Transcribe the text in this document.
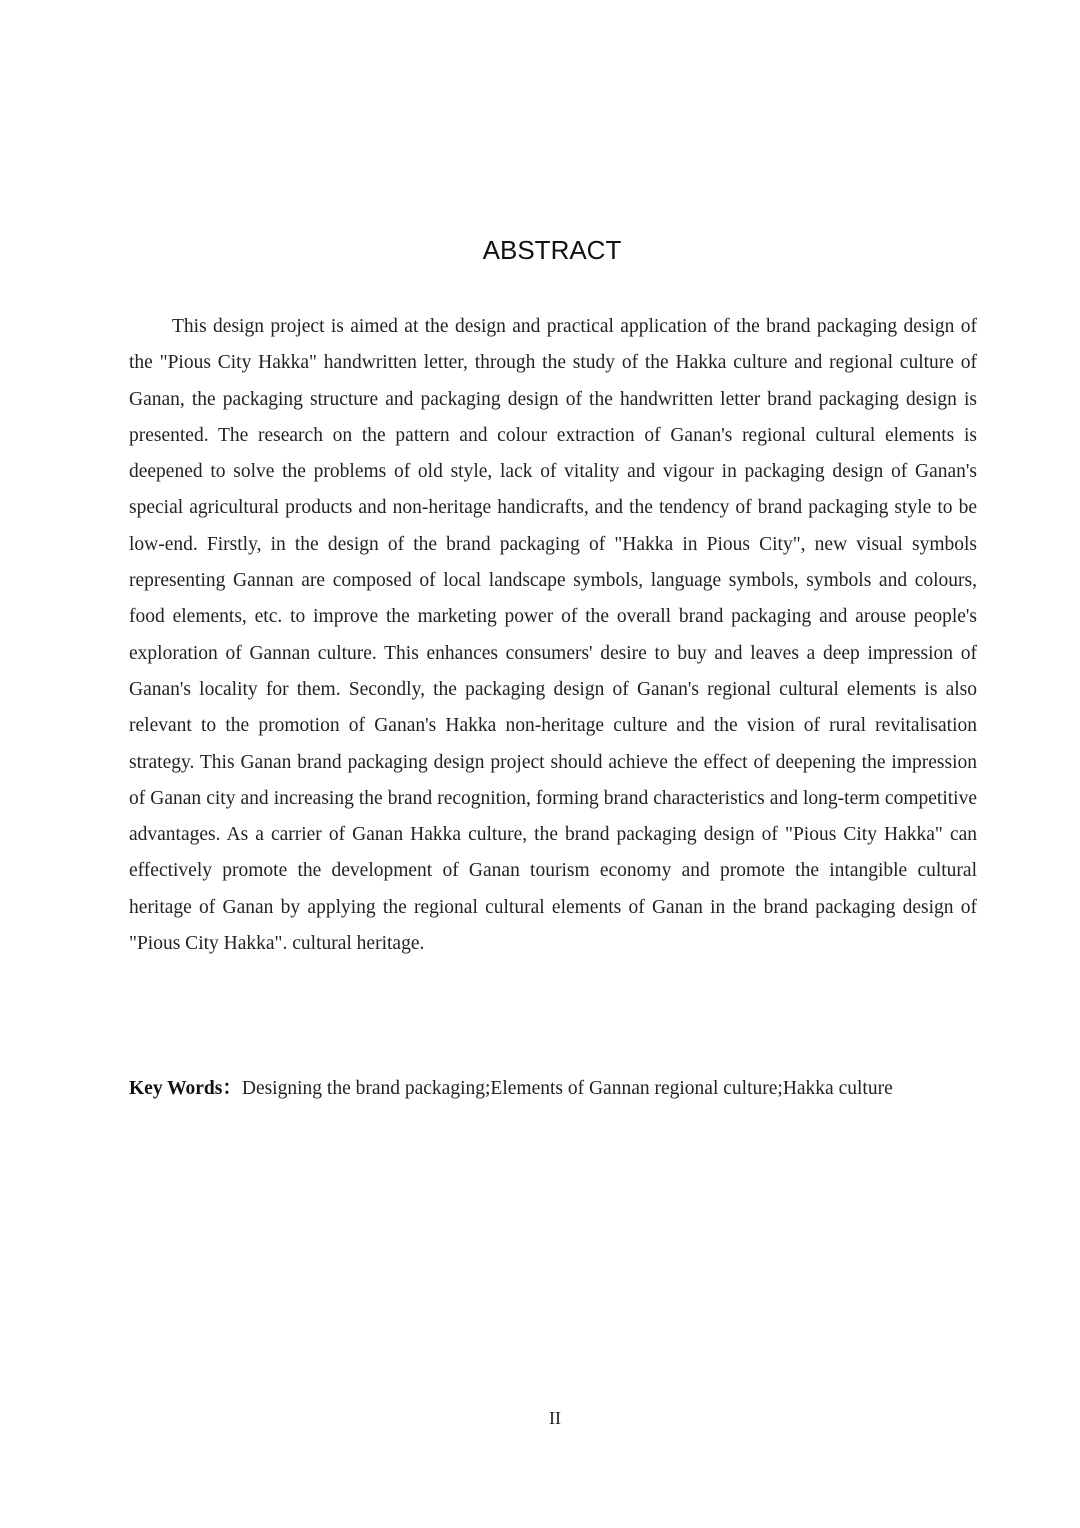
ABSTRACT

This design project is aimed at the design and practical application of the brand packaging design of the "Pious City Hakka" handwritten letter, through the study of the Hakka culture and regional culture of Ganan, the packaging structure and packaging design of the handwritten letter brand packaging design is presented. The research on the pattern and colour extraction of Ganan's regional cultural elements is deepened to solve the problems of old style, lack of vitality and vigour in packaging design of Ganan's special agricultural products and non-heritage handicrafts, and the tendency of brand packaging style to be low-end. Firstly, in the design of the brand packaging of "Hakka in Pious City", new visual symbols representing Gannan are composed of local landscape symbols, language symbols, symbols and colours, food elements, etc. to improve the marketing power of the overall brand packaging and arouse people's exploration of Gannan culture. This enhances consumers' desire to buy and leaves a deep impression of Ganan's locality for them. Secondly, the packaging design of Ganan's regional cultural elements is also relevant to the promotion of Ganan's Hakka non-heritage culture and the vision of rural revitalisation strategy. This Ganan brand packaging design project should achieve the effect of deepening the impression of Ganan city and increasing the brand recognition, forming brand characteristics and long-term competitive advantages. As a carrier of Ganan Hakka culture, the brand packaging design of "Pious City Hakka" can effectively promote the development of Ganan tourism economy and promote the intangible cultural heritage of Ganan by applying the regional cultural elements of Ganan in the brand packaging design of "Pious City Hakka". cultural heritage.

Key Words：Designing the brand packaging;Elements of Gannan regional culture;Hakka culture

II
